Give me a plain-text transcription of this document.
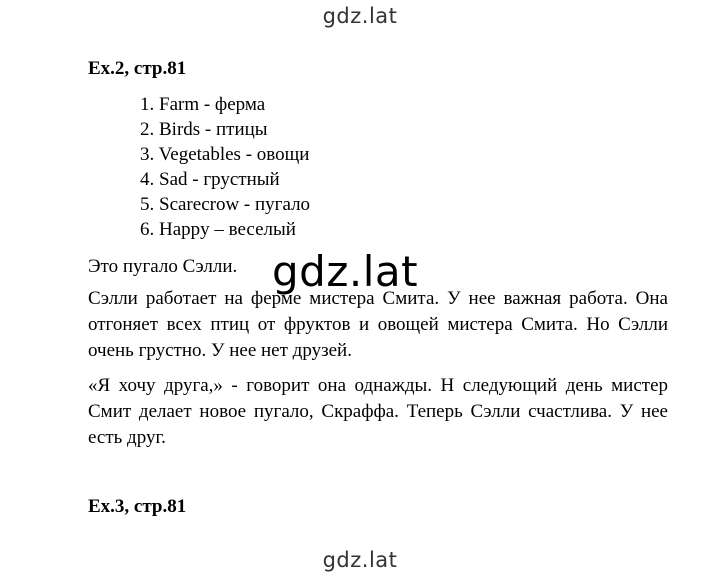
gdz.lat
Ex.2, стр.81
1. Farm - ферма
2. Birds - птицы
3. Vegetables - овощи
4. Sad - грустный
5. Scarecrow - пугало
6. Happy – веселый

Это пугало Сэлли.

Сэлли работает на ферме мистера Смита. У нее важная работа. Она отгоняет всех птиц от фруктов и овощей мистера Смита. Но Сэлли очень грустно. У нее нет друзей.

«Я хочу друга,» - говорит она однажды. Н следующий день мистер Смит делает новое пугало, Скраффа. Теперь Сэлли счастлива. У нее есть друг.

gdz.lat
Ex.3, стр.81
gdz.lat
